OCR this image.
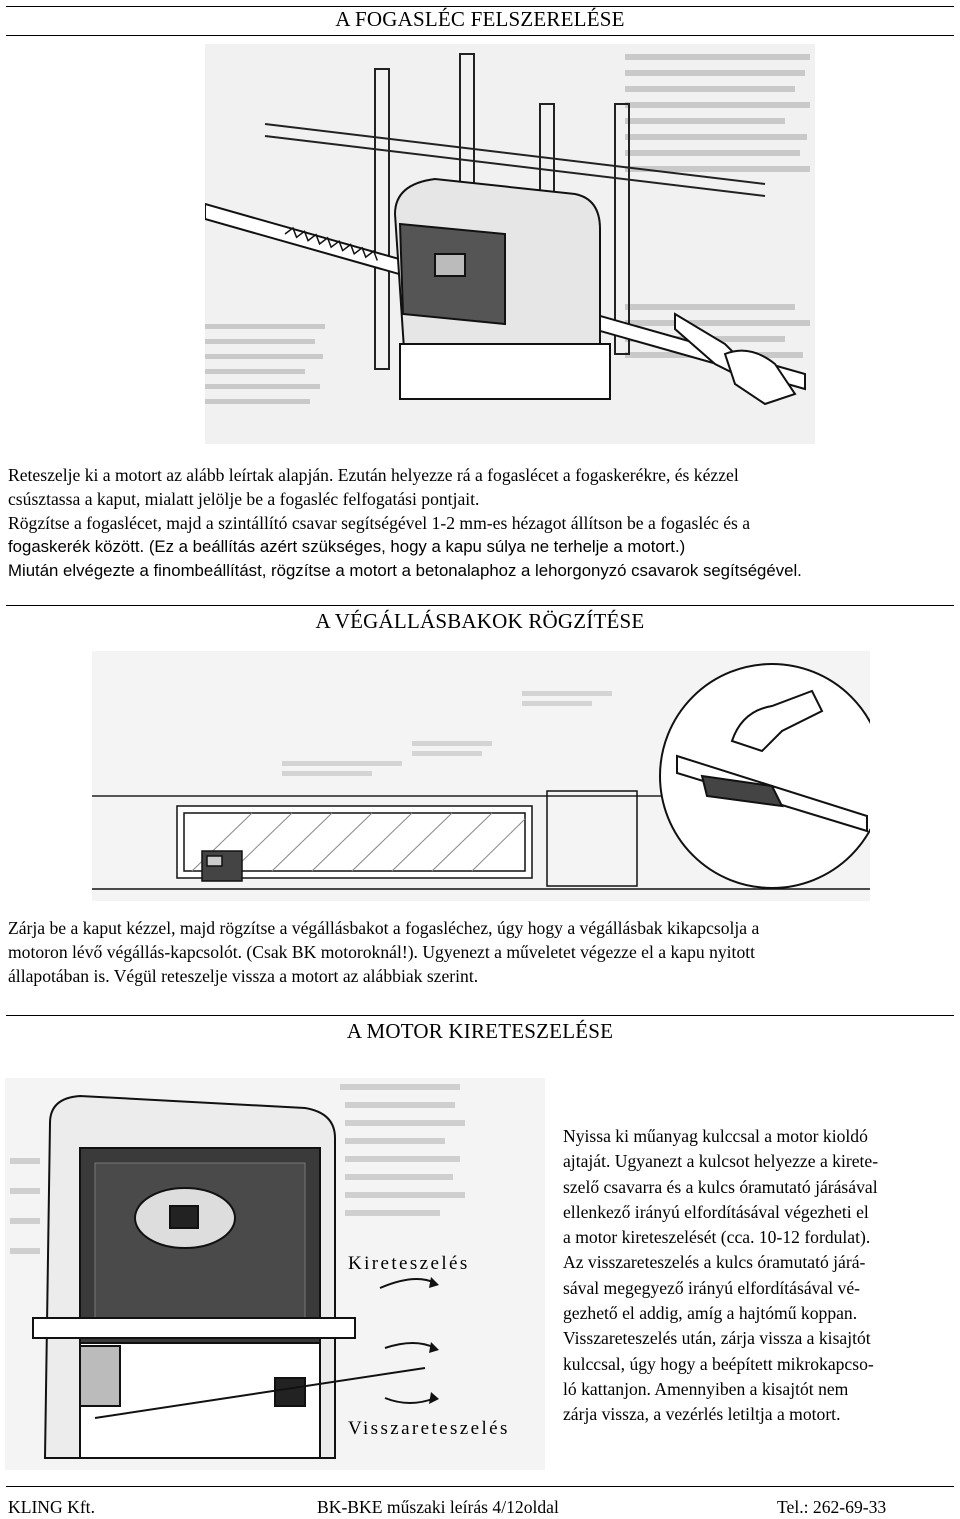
A FOGASLÉC FELSZERELÉSE

Reteszelje ki a motort az alább leírtak alapján. Ezután helyezze rá a fogaslécet a fogaskerékre, és kézzel
csúsztassa a kaput, mialatt jelölje be a fogasléc felfogatási pontjait.
Rögzítse a fogaslécet, majd a szintállító csavar segítségével 1-2 mm-es hézagot állítson be a fogasléc és a
fogaskerék között. (Ez a beállítás azért szükséges, hogy a kapu súlya ne terhelje a motort.)
Miután elvégezte a finombeállítást, rögzítse a motort a betonalaphoz a lehorgonyzó csavarok segítségével.

A VÉGÁLLÁSBAKOK RÖGZÍTÉSE

Zárja be a kaput kézzel, majd rögzítse a végállásbakot a fogasléchez, úgy hogy a végállásbak kikapcsolja a
motoron lévő végállás-kapcsolót. (Csak BK motoroknál!). Ugyenezt a műveletet végezze el a kapu nyitott
állapotában is. Végül reteszelje vissza a motort az alábbiak szerint.

A MOTOR KIRETESZELÉSE
Kireteszelés
Visszareteszelés

Nyissa ki műanyag kulccsal a motor kioldó
ajtaját. Ugyanezt a kulcsot helyezze a kirete-
szelő csavarra és a kulcs óramutató járásával
ellenkező irányú elfordításával végezheti el
a motor kireteszelését (cca. 10-12 fordulat).
Az visszareteszelés a kulcs óramutató járá-
sával megegyező irányú elfordításával vé-
gezhető el addig, amíg a hajtómű koppan.
Visszareteszelés után, zárja vissza a kisajtót
kulccsal, úgy hogy a beépített mikrokapcso-
ló kattanjon. Amennyiben a kisajtót nem
zárja vissza, a vezérlés letiltja a motort.

KLING Kft.	BK-BKE műszaki leírás 4/12oldal	Tel.: 262-69-33
